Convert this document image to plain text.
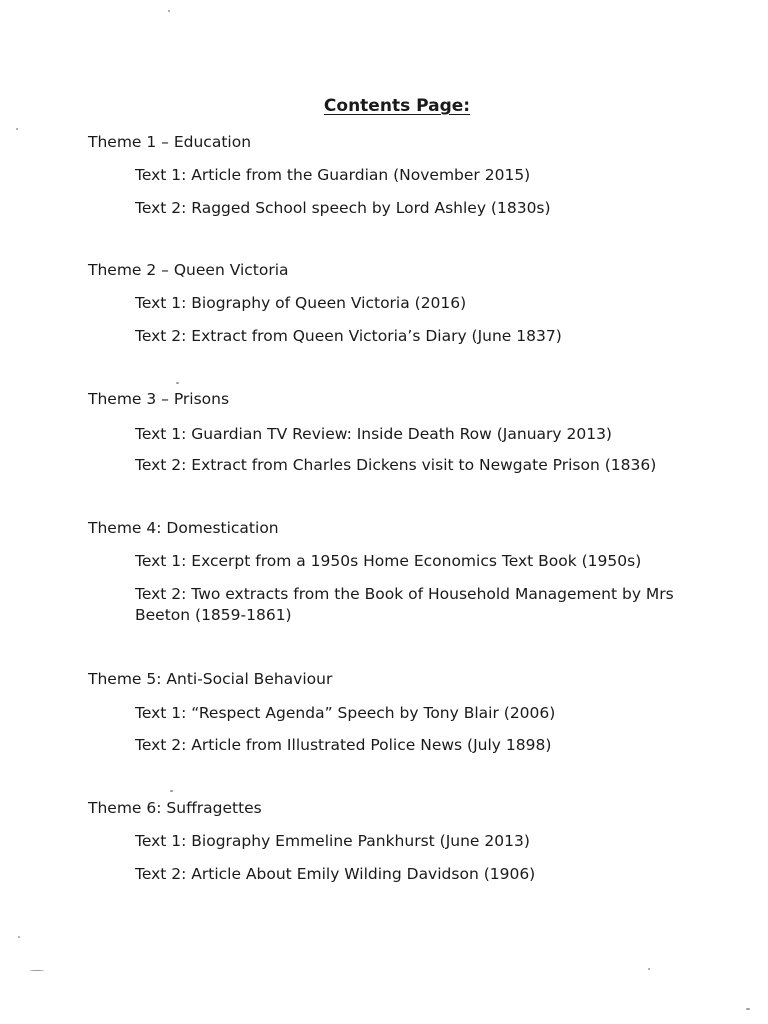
Contents Page:
Theme 1 – Education
Text 1: Article from the Guardian (November 2015)
Text 2: Ragged School speech by Lord Ashley (1830s)
Theme 2 – Queen Victoria
Text 1: Biography of Queen Victoria (2016)
Text 2: Extract from Queen Victoria’s Diary (June 1837)
Theme 3 – Prisons
Text 1: Guardian TV Review: Inside Death Row (January 2013)
Text 2: Extract from Charles Dickens visit to Newgate Prison (1836)
Theme 4: Domestication
Text 1: Excerpt from a 1950s Home Economics Text Book (1950s)
Text 2: Two extracts from the Book of Household Management by Mrs Beeton (1859-1861)
Theme 5: Anti-Social Behaviour
Text 1: “Respect Agenda” Speech by Tony Blair (2006)
Text 2: Article from Illustrated Police News (July 1898)
Theme 6: Suffragettes
Text 1: Biography Emmeline Pankhurst (June 2013)
Text 2: Article About Emily Wilding Davidson (1906)
